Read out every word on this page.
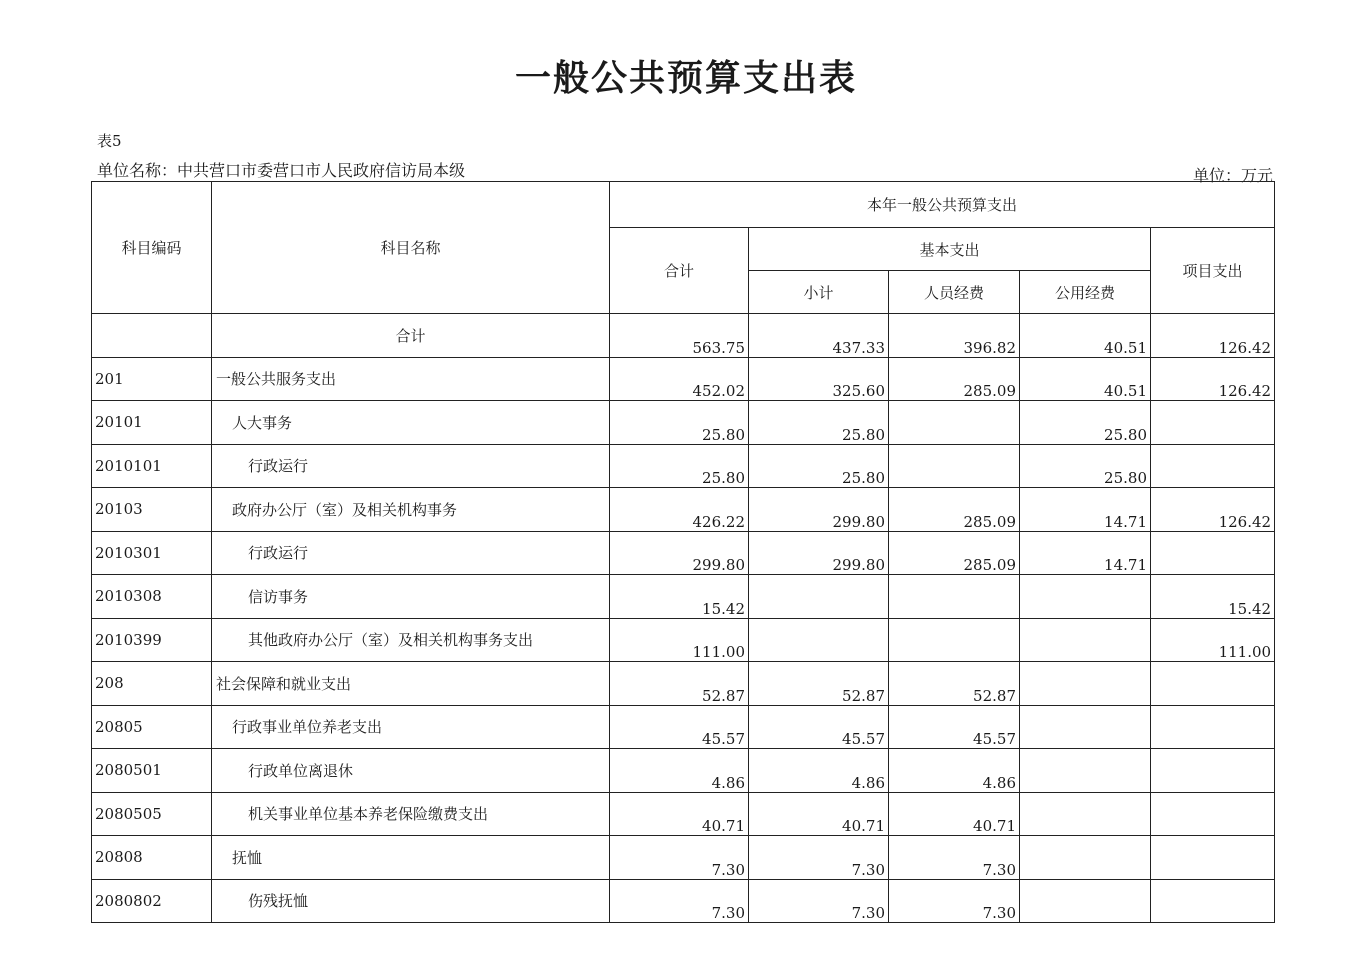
一般公共预算支出表
表5
单位名称：中共营口市委营口市人民政府信访局本级	单位：万元
科目编码	科目名称	本年一般公共预算支出				
		合计	基本支出			项目支出
			小计	人员经费	公用经费	
	合计	563.75	437.33	396.82	40.51	126.42
201	一般公共服务支出	452.02	325.60	285.09	40.51	126.42
20101	人大事务	25.80	25.80		25.80	
2010101	行政运行	25.80	25.80		25.80	
20103	政府办公厅（室）及相关机构事务	426.22	299.80	285.09	14.71	126.42
2010301	行政运行	299.80	299.80	285.09	14.71	
2010308	信访事务	15.42				15.42
2010399	其他政府办公厅（室）及相关机构事务支出	111.00				111.00
208	社会保障和就业支出	52.87	52.87	52.87		
20805	行政事业单位养老支出	45.57	45.57	45.57		
2080501	行政单位离退休	4.86	4.86	4.86		
2080505	机关事业单位基本养老保险缴费支出	40.71	40.71	40.71		
20808	抚恤	7.30	7.30	7.30		
2080802	伤残抚恤	7.30	7.30	7.30		
